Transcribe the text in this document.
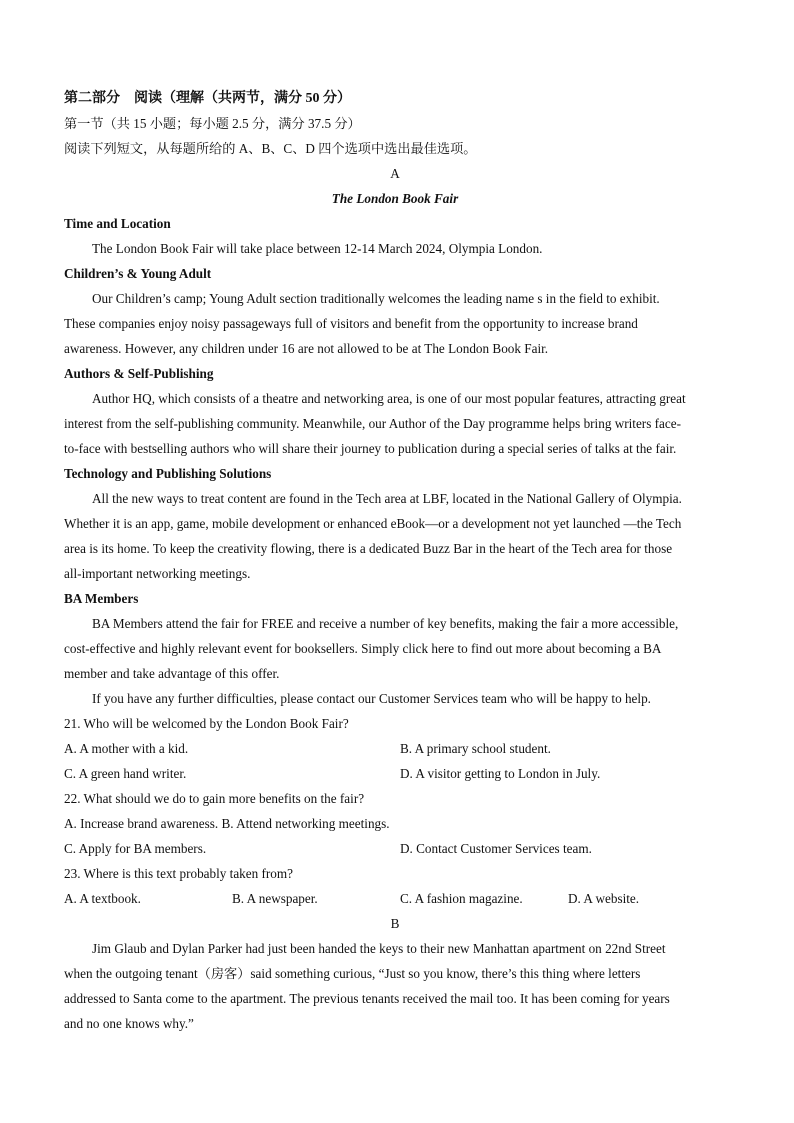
第二部分　阅读（理解（共两节，满分 50 分）
第一节（共 15 小题；每小题 2.5 分，满分 37.5 分）
阅读下列短文，从每题所给的 A、B、C、D 四个选项中选出最佳选项。
A
The London Book Fair
Time and Location
The London Book Fair will take place between 12-14 March 2024, Olympia London.
Children’s & Young Adult
Our Children’s camp; Young Adult section traditionally welcomes the leading name s in the field to exhibit.
These companies enjoy noisy passageways full of visitors and benefit from the opportunity to increase brand
awareness. However, any children under 16 are not allowed to be at The London Book Fair.
Authors & Self-Publishing
Author HQ, which consists of a theatre and networking area, is one of our most popular features, attracting great
interest from the self-publishing community. Meanwhile, our Author of the Day programme helps bring writers face-
to-face with bestselling authors who will share their journey to publication during a special series of talks at the fair.
Technology and Publishing Solutions
All the new ways to treat content are found in the Tech area at LBF, located in the National Gallery of Olympia.
Whether it is an app, game, mobile development or enhanced eBook—or a development not yet launched —the Tech
area is its home. To keep the creativity flowing, there is a dedicated Buzz Bar in the heart of the Tech area for those
all-important networking meetings.
BA Members
BA Members attend the fair for FREE and receive a number of key benefits, making the fair a more accessible,
cost-effective and highly relevant event for booksellers. Simply click here to find out more about becoming a BA
member and take advantage of this offer.
If you have any further difficulties, please contact our Customer Services team who will be happy to help.
21. Who will be welcomed by the London Book Fair?
A. A mother with a kid.	B. A primary school student.
C. A green hand writer.	D. A visitor getting to London in July.
22. What should we do to gain more benefits on the fair?
A. Increase brand awareness. B. Attend networking meetings.
C. Apply for BA members.	D. Contact Customer Services team.
23. Where is this text probably taken from?
A. A textbook.	B. A newspaper.	C. A fashion magazine.	D. A website.
B
Jim Glaub and Dylan Parker had just been handed the keys to their new Manhattan apartment on 22nd Street
when the outgoing tenant（房客）said something curious, “Just so you know, there’s this thing where letters
addressed to Santa come to the apartment. The previous tenants received the mail too. It has been coming for years
and no one knows why.”
